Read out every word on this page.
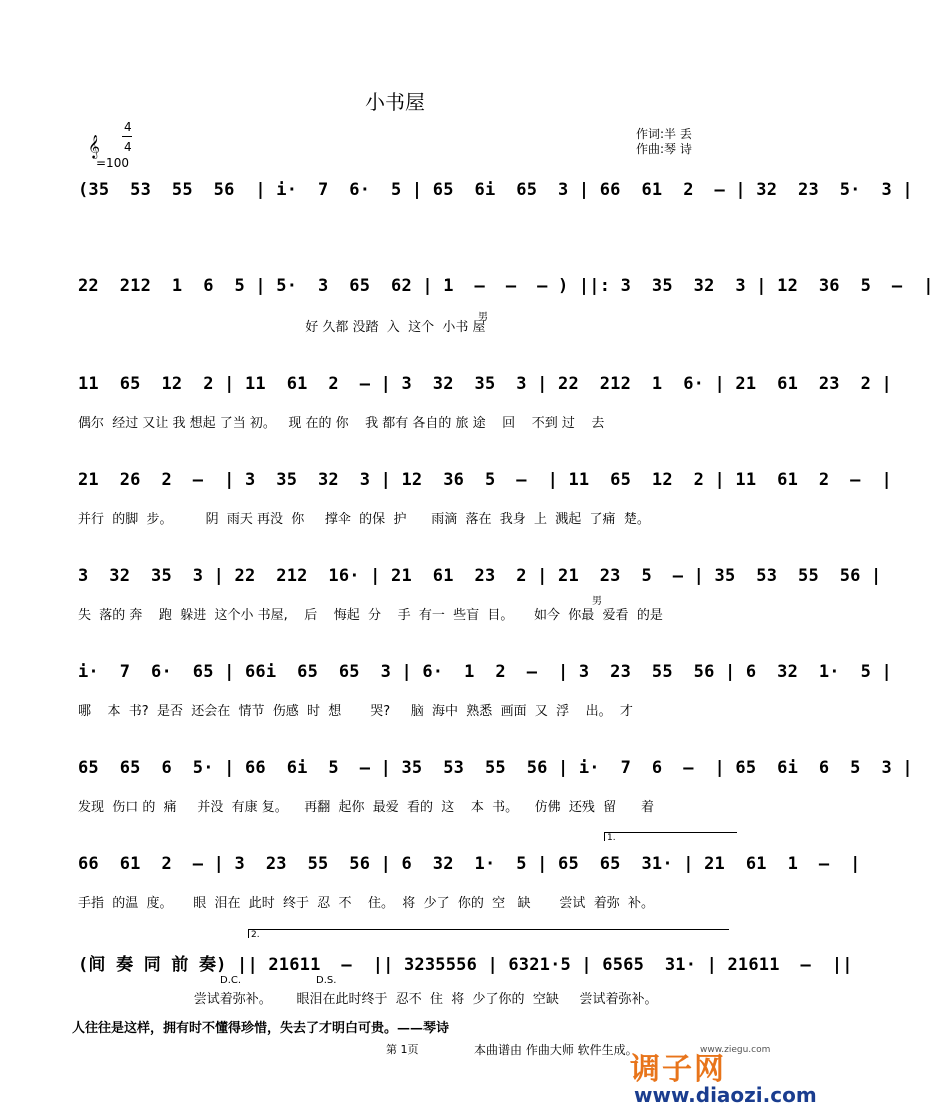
小书屋
作词:半 丢
作曲:琴 诗
𝄞
4
4
=100
(35  53  55  56  | i·  7  6·  5 | 65  6i  65  3 | 66  61  2  – | 32  23  5·  3 |
22  212  1  6  5 | 5·  3  65  62 | 1  –  –  – ) ||: 3  35  32  3 | 12  36  5  –  |
好 久都 没踏  入  这个  小书 屋
11  65  12  2 | 11  61  2  – | 3  32  35  3 | 22  212  1  6· | 21  61  23  2 |
偶尔  经过 又让 我 想起 了当 初。   现 在的 你    我 都有 各自的 旅 途    回    不到 过    去
21  26  2  –  | 3  35  32  3 | 12  36  5  –  | 11  65  12  2 | 11  61  2  –  |
并行  的脚  步。        阴  雨天 再没  你     撑伞  的保  护      雨滴  落在  我身  上  溅起  了痛  楚。
3  32  35  3 | 22  212  16· | 21  61  23  2 | 21  23  5  – | 35  53  55  56 |
失  落的 奔    跑  躲进  这个小 书屋,    后    悔起  分    手  有一  些盲  目。     如今  你最  爱看  的是
i·  7  6·  65 | 66i  65  65  3 | 6·  1  2  –  | 3  23  55  56 | 6  32  1·  5 |
哪    本  书?  是否  还会在  情节  伤感  时  想       哭?     脑  海中  熟悉  画面  又  浮    出。  才
65  65  6  5· | 66  6i  5  – | 35  53  55  56 | i·  7  6  –  | 65  6i  6  5  3 |
发现  伤口 的  痛     并没  有康 复。    再翻  起你  最爱  看的  这    本  书。    仿佛  还残  留      着
66  61  2  – | 3  23  55  56 | 6  32  1·  5 | 65  65  31· | 21  61  1  –  |
手指  的温  度。     眼  泪在  此时  终于  忍  不    住。  将  少了  你的  空   缺       尝试  着弥  补。
(间 奏 同 前 奏) || 21611  –  || 3235556 | 6321·5 | 6565  31· | 21611  –  ||
尝试着弥补。      眼泪在此时终于  忍不  住  将  少了你的  空缺     尝试着弥补。
男
男
D.C.	D.S.
1.
2.
人往往是这样，拥有时不懂得珍惜，失去了才明白可贵。——琴诗
第 1页	本曲谱由 作曲大师 软件生成。	www.ziegu.com
调子网
www.diaozi.com
